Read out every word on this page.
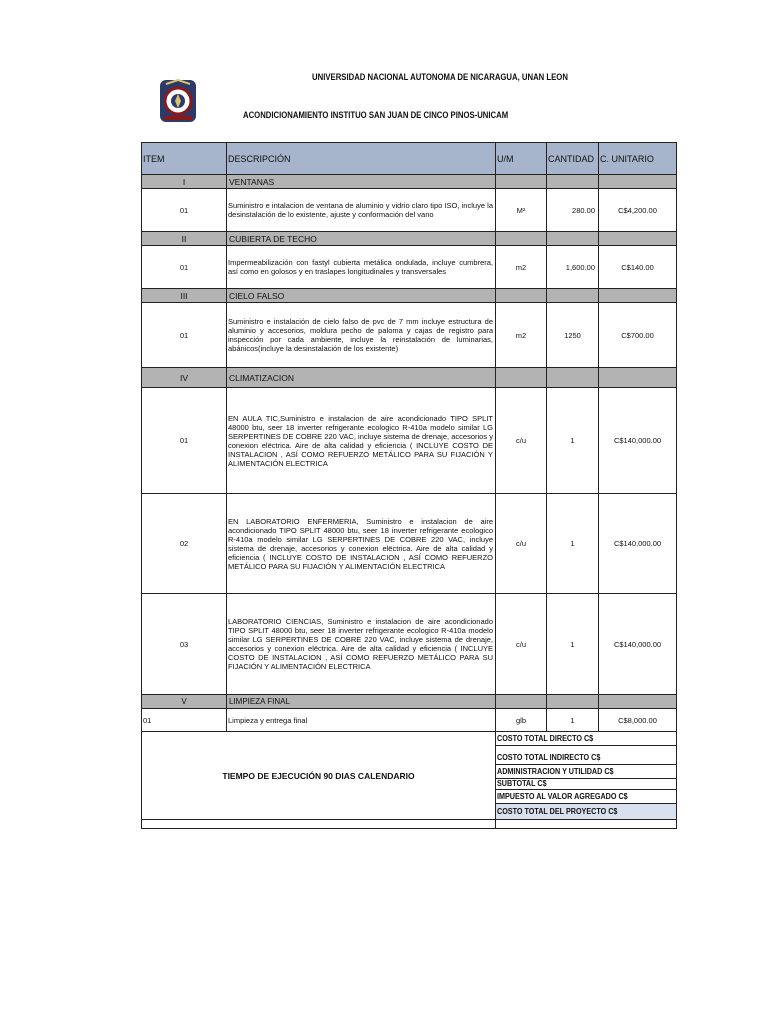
UNIVERSIDAD NACIONAL AUTONOMA DE NICARAGUA, UNAN LEON
ACONDICIONAMIENTO INSTITUO SAN JUAN DE CINCO PINOS-UNICAM
ITEM	DESCRIPCIÓN	U/M	CANTIDAD	C. UNITARIO
I	VENTANAS			
01	Suministro e intalacion de ventana de aluminio y vidrio claro tipo ISO, incluye la desinstalación de lo existente, ajuste y conformación del vano	M²	280.00	C$4,200.00
II	CUBIERTA DE TECHO			
01	Impermeabilización con fastyl cubierta metálica ondulada, incluye cumbrera, así como en golosos y en traslapes longitudinales y transversales	m2	1,600.00	C$140.00
III	CIELO FALSO			
01	Suministro e instalación de cielo falso de pvc de 7 mm incluye estructura de aluminio y accesorios, moldura pecho de paloma y cajas de registro para inspección por cada ambiente, incluye la reinstalación de luminarias, abánicos(incluye la desinstalación de los existente)	m2	1250	C$700.00
IV	CLIMATIZACION			
01	EN AULA TIC,Suministro e instalacion de aire acondicionado TIPO SPLIT 48000 btu, seer 18 inverter refrigerante ecologico R-410a modelo similar LG SERPERTINES DE COBRE 220 VAC, incluye sistema de drenaje, accesorios y conexion elëctrica. Aire de alta calidad y eficiencia ( INCLUYE COSTO DE INSTALACION , ASÍ COMO REFUERZO METÁLICO PARA SU FIJACIÓN Y ALIMENTACIÓN ELECTRICA	c/u	1	C$140,000.00
02	EN LABORATORIO ENFERMERIA, Suministro e instalacion de aire acondicionado TIPO SPLIT 48000 btu, seer 18 inverter refrigerante ecologico R-410a modelo similar LG SERPERTINES DE COBRE 220 VAC, incluye sistema de drenaje, accesorios y conexion elëctrica. Aire de alta calidad y eficiencia ( INCLUYE COSTO DE INSTALACION , ASÍ COMO REFUERZO METÁLICO PARA SU FIJACIÓN Y ALIMENTACIÓN ELECTRICA	c/u	1	C$140,000.00
03	LABORATORIO CIENCIAS, Suministro e instalacion de aire acondicionado TIPO SPLIT 48000 btu, seer 18 inverter refrigerante ecologico R-410a modelo similar LG SERPERTINES DE COBRE 220 VAC, incluye sistema de drenaje, accesorios y conexion elëctrica. Aire de alta calidad y eficiencia ( INCLUYE COSTO DE INSTALACION , ASÍ COMO REFUERZO METÁLICO PARA SU FIJACIÓN Y ALIMENTACIÓN ELECTRICA	c/u	1	C$140,000.00
V	LIMPIEZA FINAL			
01	Limpieza y entrega final	glb	1	C$8,000.00
TIEMPO DE EJECUCIÓN 90 DIAS CALENDARIO		COSTO TOTAL DIRECTO C$		

		COSTO TOTAL INDIRECTO C$		
		ADMINISTRACION Y UTILIDAD C$		
		SUBTOTAL C$		
		IMPUESTO AL VALOR AGREGADO C$		
		COSTO TOTAL DEL PROYECTO C$		
